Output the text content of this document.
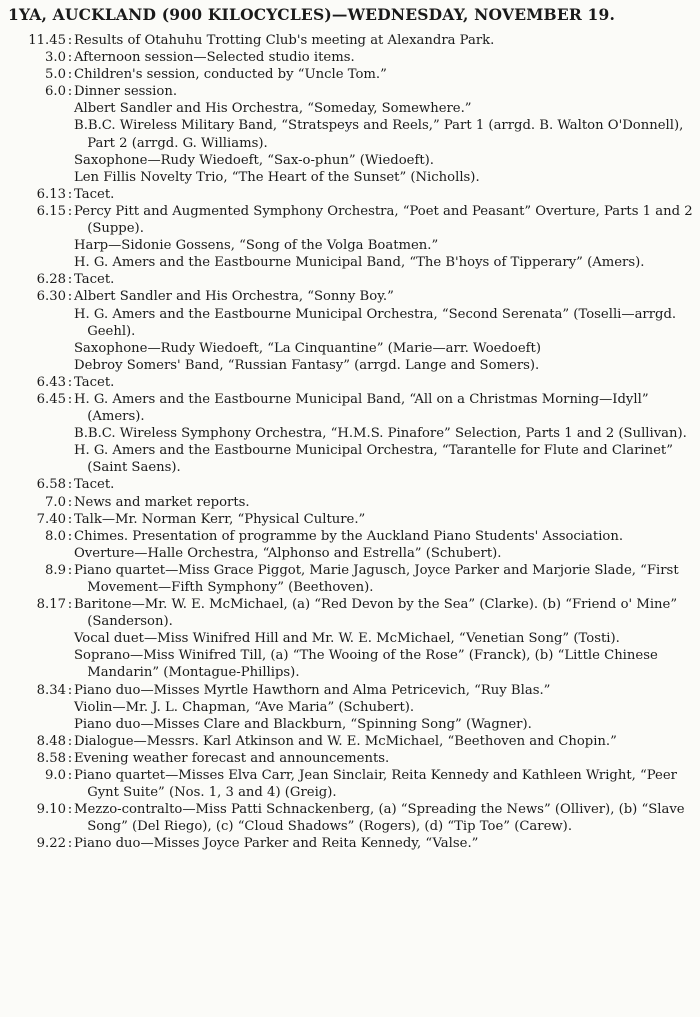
1YA, AUCKLAND (900 KILOCYCLES)—WEDNESDAY, NOVEMBER 19.
11.45 : Results of Otahuhu Trotting Club's meeting at Alexandra Park.
3.0 : Afternoon session—Selected studio items.
5.0 : Children's session, conducted by “Uncle Tom.”
6.0 : Dinner session.
Albert Sandler and His Orchestra, “Someday, Somewhere.”
B.B.C. Wireless Military Band, “Stratspeys and Reels,” Part 1 (arrgd. B. Walton O'Donnell), Part 2 (arrgd. G. Williams).
Saxophone—Rudy Wiedoeft, “Sax-o-phun” (Wiedoeft).
Len Fillis Novelty Trio, “The Heart of the Sunset” (Nicholls).
6.13 : Tacet.
6.15 : Percy Pitt and Augmented Symphony Orchestra, “Poet and Peasant” Overture, Parts 1 and 2 (Suppe).
Harp—Sidonie Gossens, “Song of the Volga Boatmen.”
H. G. Amers and the Eastbourne Municipal Band, “The B'hoys of Tipperary” (Amers).
6.28 : Tacet.
6.30 : Albert Sandler and His Orchestra, “Sonny Boy.”
H. G. Amers and the Eastbourne Municipal Orchestra, “Second Serenata” (Toselli—arrgd. Geehl).
Saxophone—Rudy Wiedoeft, “La Cinquantine” (Marie—arr. Woedoeft)
Debroy Somers' Band, “Russian Fantasy” (arrgd. Lange and Somers).
6.43 : Tacet.
6.45 : H. G. Amers and the Eastbourne Municipal Band, “All on a Christmas Morning—Idyll” (Amers).
B.B.C. Wireless Symphony Orchestra, “H.M.S. Pinafore” Selection, Parts 1 and 2 (Sullivan).
H. G. Amers and the Eastbourne Municipal Orchestra, “Tarantelle for Flute and Clarinet” (Saint Saens).
6.58 : Tacet.
7.0 : News and market reports.
7.40 : Talk—Mr. Norman Kerr, “Physical Culture.”
8.0 : Chimes. Presentation of programme by the Auckland Piano Students' Association.
Overture—Halle Orchestra, “Alphonso and Estrella” (Schubert).
8.9 : Piano quartet—Miss Grace Piggot, Marie Jagusch, Joyce Parker and Marjorie Slade, “First Movement—Fifth Symphony” (Beethoven).
8.17 : Baritone—Mr. W. E. McMichael, (a) “Red Devon by the Sea” (Clarke). (b) “Friend o' Mine” (Sanderson).
Vocal duet—Miss Winifred Hill and Mr. W. E. McMichael, “Venetian Song” (Tosti).
Soprano—Miss Winifred Till, (a) “The Wooing of the Rose” (Franck), (b) “Little Chinese Mandarin” (Montague-Phillips).
8.34 : Piano duo—Misses Myrtle Hawthorn and Alma Petricevich, “Ruy Blas.”
Violin—Mr. J. L. Chapman, “Ave Maria” (Schubert).
Piano duo—Misses Clare and Blackburn, “Spinning Song” (Wagner).
8.48 : Dialogue—Messrs. Karl Atkinson and W. E. McMichael, “Beethoven and Chopin.”
8.58 : Evening weather forecast and announcements.
9.0 : Piano quartet—Misses Elva Carr, Jean Sinclair, Reita Kennedy and Kathleen Wright, “Peer Gynt Suite” (Nos. 1, 3 and 4) (Greig).
9.10 : Mezzo-contralto—Miss Patti Schnackenberg, (a) “Spreading the News” (Olliver), (b) “Slave Song” (Del Riego), (c) “Cloud Shadows” (Rogers), (d) “Tip Toe” (Carew).
9.22 : Piano duo—Misses Joyce Parker and Reita Kennedy, “Valse.”
